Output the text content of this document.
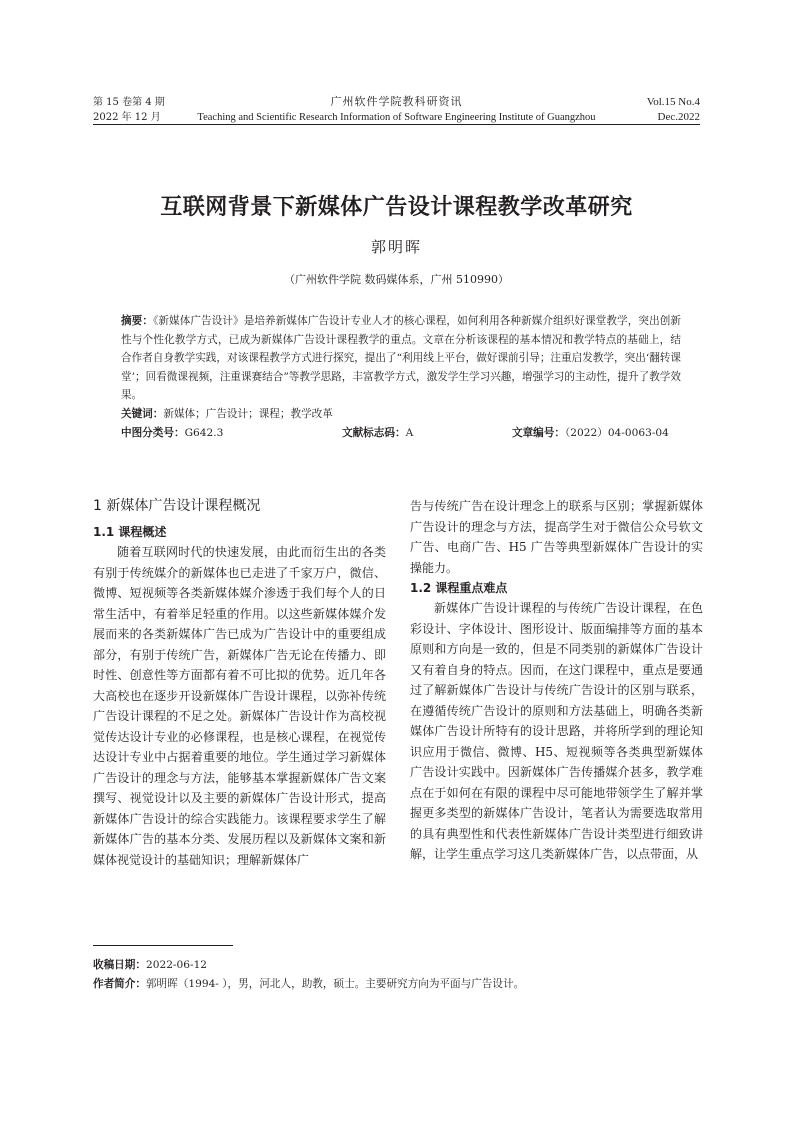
第 15 卷第 4 期
2022 年 12 月
广州软件学院教科研资讯
Teaching and Scientific Research Information of Software Engineering Institute of Guangzhou
Vol.15 No.4
Dec.2022
互联网背景下新媒体广告设计课程教学改革研究
郭明晖
（广州软件学院 数码媒体系，广州 510990）

摘要：《新媒体广告设计》是培养新媒体广告设计专业人才的核心课程，如何利用各种新媒介组织好课堂教学，突出创新性与个性化教学方式，已成为新媒体广告设计课程教学的重点。文章在分析该课程的基本情况和教学特点的基础上，结合作者自身教学实践，对该课程教学方式进行探究，提出了“利用线上平台，做好课前引导；注重启发教学，突出‘翻转课堂’；回看微课视频，注重课赛结合”等教学思路，丰富教学方式，激发学生学习兴趣，增强学习的主动性，提升了教学效果。

关键词：新媒体；广告设计；课程；教学改革

中图分类号：G642.3	文献标志码：A	文章编号：（2022）04-0063-04
1 新媒体广告设计课程概况
1.1 课程概述

随着互联网时代的快速发展，由此而衍生出的各类有别于传统媒介的新媒体也已走进了千家万户，微信、微博、短视频等各类新媒体媒介渗透于我们每个人的日常生活中，有着举足轻重的作用。以这些新媒体媒介发展而来的各类新媒体广告已成为广告设计中的重要组成部分，有别于传统广告，新媒体广告无论在传播力、即时性、创意性等方面都有着不可比拟的优势。近几年各大高校也在逐步开设新媒体广告设计课程，以弥补传统广告设计课程的不足之处。新媒体广告设计作为高校视觉传达设计专业的必修课程，也是核心课程，在视觉传达设计专业中占据着重要的地位。学生通过学习新媒体广告设计的理念与方法，能够基本掌握新媒体广告文案撰写、视觉设计以及主要的新媒体广告设计形式，提高新媒体广告设计的综合实践能力。该课程要求学生了解新媒体广告的基本分类、发展历程以及新媒体文案和新媒体视觉设计的基础知识；理解新媒体广

告与传统广告在设计理念上的联系与区别；掌握新媒体广告设计的理念与方法，提高学生对于微信公众号软文广告、电商广告、H5 广告等典型新媒体广告设计的实操能力。

1.2 课程重点难点

新媒体广告设计课程的与传统广告设计课程，在色彩设计、字体设计、图形设计、版面编排等方面的基本原则和方向是一致的，但是不同类别的新媒体广告设计又有着自身的特点。因而，在这门课程中，重点是要通过了解新媒体广告设计与传统广告设计的区别与联系，在遵循传统广告设计的原则和方法基础上，明确各类新媒体广告设计所特有的设计思路，并将所学到的理论知识应用于微信、微博、H5、短视频等各类典型新媒体广告设计实践中。因新媒体广告传播媒介甚多，教学难点在于如何在有限的课程中尽可能地带领学生了解并掌握更多类型的新媒体广告设计，笔者认为需要选取常用的具有典型性和代表性新媒体广告设计类型进行细致讲解，让学生重点学习这几类新媒体广告，以点带面，从

收稿日期：2022-06-12
作者简介：郭明晖（1994- ），男，河北人，助教，硕士。主要研究方向为平面与广告设计。
